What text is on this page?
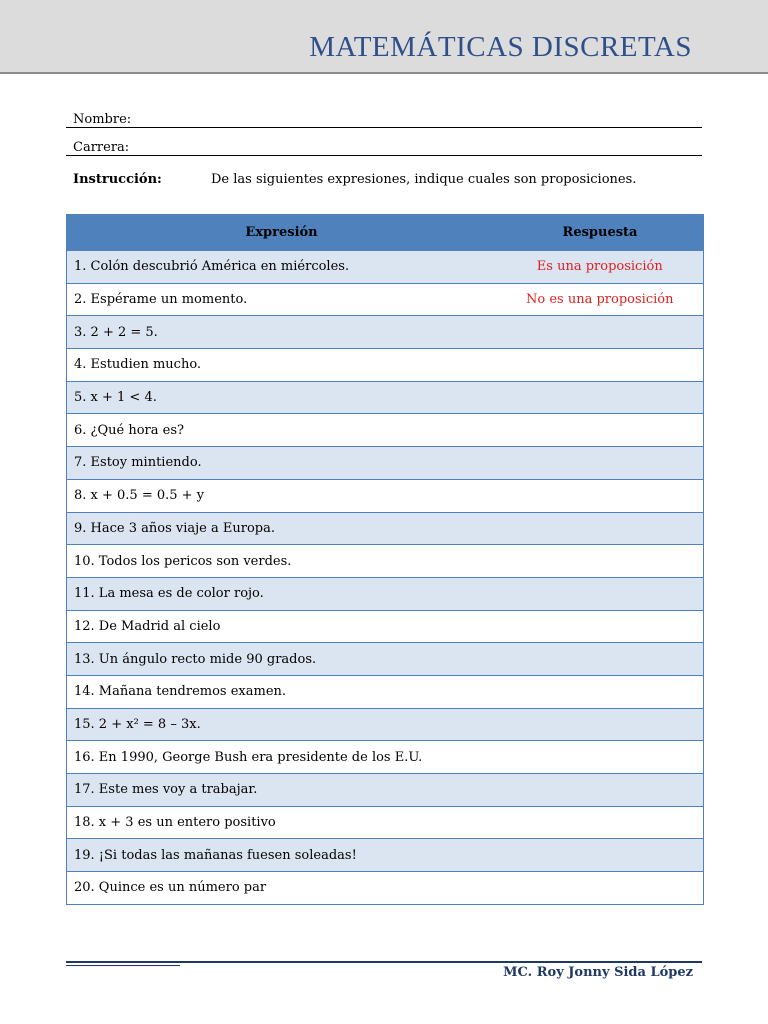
MATEMÁTICAS DISCRETAS
Nombre:
Carrera:
Instrucción:	De las siguientes expresiones, indique cuales son proposiciones.
Expresión	Respuesta
1. Colón descubrió América en miércoles.	Es una proposición
2. Espérame un momento.	No es una proposición
3. 2 + 2 = 5.	
4. Estudien mucho.	
5. x + 1 < 4.	
6. ¿Qué hora es?	
7. Estoy mintiendo.	
8. x + 0.5 = 0.5 + y	
9. Hace 3 años viaje a Europa.	
10. Todos los pericos son verdes.	
11. La mesa es de color rojo.	
12. De Madrid al cielo	
13. Un ángulo recto mide 90 grados.	
14. Mañana tendremos examen.	
15. 2 + x² = 8 – 3x.	
16. En 1990, George Bush era presidente de los E.U.	
17. Este mes voy a trabajar.	
18. x + 3 es un entero positivo	
19. ¡Si todas las mañanas fuesen soleadas!	
20. Quince es un número par	
MC. Roy Jonny Sida López
